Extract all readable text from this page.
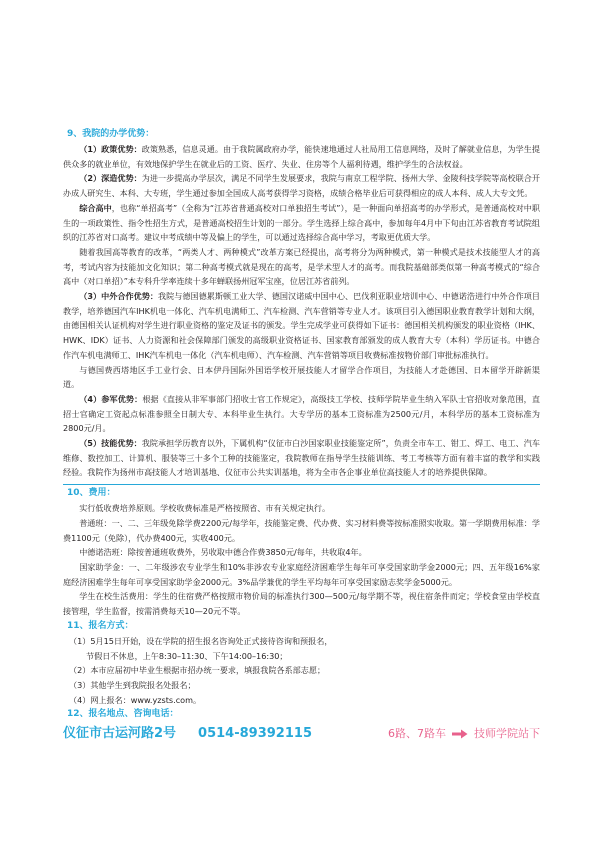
9、我院的办学优势：

（1）政策优势：政策熟悉，信息灵通。由于我院属政府办学，能快速地通过人社局用工信息网络，及时了解就业信息，为学生提供众多的就业单位，有效地保护学生在就业后的工资、医疗、失业、住房等个人福利待遇，维护学生的合法权益。

（2）深造优势：为进一步提高办学层次，满足不同学生发展要求，我院与南京工程学院、扬州大学、金陵科技学院等高校联合开办成人研究生、本科、大专班，学生通过参加全国成人高考获得学习资格，成绩合格毕业后可获得相应的成人本科、成人大专文凭。

综合高中，也称“单招高考”（全称为“江苏省普通高校对口单独招生考试”），是一种面向单招高考的办学形式，是普通高校对中职生的一项政策性、指令性招生方式，是普通高校招生计划的一部分。学生选择上综合高中，参加每年4月中下旬由江苏省教育考试院组织的江苏省对口高考。建议中考成绩中等及偏上的学生，可以通过选择综合高中学习，考取更优质大学。

随着我国高等教育的改革，“两类人才、两种模式”改革方案已经提出，高考将分为两种模式，第一种模式是技术技能型人才的高考，考试内容为技能加文化知识；第二种高考模式就是现在的高考，是学术型人才的高考。而我院基础部类似第一种高考模式的“综合高中（对口单招）”本专科升学率连续十多年蝉联扬州冠军宝座，位居江苏省前列。

（3）中外合作优势：我院与德国德累斯顿工业大学、德国汉诺威中国中心、巴伐利亚职业培训中心、中德诺浩进行中外合作项目教学，培养德国汽车IHK机电一体化、汽车机电满师工、汽车检测、汽车营销等专业人才。该项目引入德国职业教育教学计划和大纲，由德国相关认证机构对学生进行职业资格的鉴定及证书的颁发。学生完成学业可获得如下证书：德国相关机构颁发的职业资格（IHK、HWK、IDK）证书、人力资源和社会保障部门颁发的高级职业资格证书、国家教育部颁发的成人教育大专（本科）学历证书。中德合作汽车机电满师工、IHK汽车机电一体化（汽车机电师）、汽车检测、汽车营销等项目收费标准按物价部门审批标准执行。

与德国费西塔地区手工业行会、日本伊丹国际外国语学校开展技能人才留学合作项目，为技能人才赴德国、日本留学开辟新渠道。

（4）参军优势：根据《直接从非军事部门招收士官工作规定》，高级技工学校、技师学院毕业生纳入军队士官招收对象范围，直招士官确定工资起点标准参照全日制大专、本科毕业生执行。大专学历的基本工资标准为2500元/月，本科学历的基本工资标准为2800元/月。

（5）技能优势：我院承担学历教育以外，下属机构“仪征市白沙国家职业技能鉴定所”，负责全市车工、钳工、焊工、电工、汽车维修、数控加工、计算机、服装等三十多个工种的技能鉴定，我院教师在指导学生技能训练、考工考核等方面有着丰富的教学和实践经验。我院作为扬州市高技能人才培训基地、仪征市公共实训基地，将为全市各企事业单位高技能人才的培养提供保障。

10、费用：

实行低收费培养原则。学校收费标准是严格按照省、市有关规定执行。

普通班：一、二、三年级免除学费2200元/每学年，技能鉴定费、代办费、实习材料费等按标准照实收取。第一学期费用标准：学费1100元（免除），代办费400元，实收400元。

中德诺浩班：除按普通班收费外，另收取中德合作费3850元/每年，共收取4年。

国家助学金：一、二年级涉农专业学生和10%非涉农专业家庭经济困难学生每年可享受国家助学金2000元；四、五年级16%家庭经济困难学生每年可享受国家助学金2000元。3%品学兼优的学生平均每年可享受国家励志奖学金5000元。

学生在校生活费用：学生的住宿费严格按照市物价局的标准执行300—500元/每学期不等，视住宿条件而定；学校食堂由学校直接管理，学生监督，按需消费每天10—20元不等。

11、报名方式：

（1）5月15日开始，设在学院的招生报名咨询处正式接待咨询和预报名，

节假日不休息，上午8:30–11:30、下午14:00–16:30；

（2）本市应届初中毕业生根据市招办统一要求，填报我院各系部志愿；

（3）其他学生到我院报名处报名；

（4）网上报名：www.yzsts.com。

12、报名地点、咨询电话：
仪征市古运河路2号 0514-89392115	6路、7路车	技师学院站下
